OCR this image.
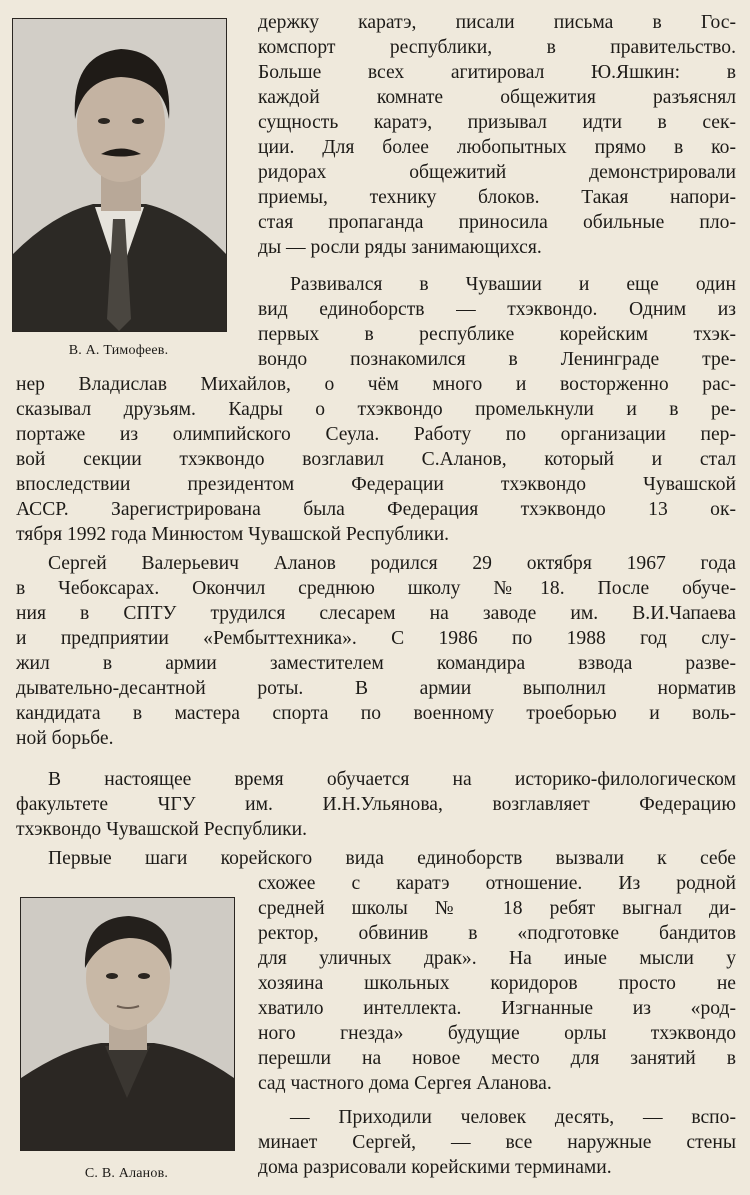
В. А. Тимофеев.
С. В. Аланов.
держку каратэ, писали письма в Гос-
комспорт республики, в правительство.
Больше всех агитировал Ю.Яшкин: в
каждой комнате общежития разъяснял
сущность каратэ, призывал идти в сек-
ции. Для более любопытных прямо в ко-
ридорах общежитий демонстрировали
приемы, технику блоков. Такая напори-
стая пропаганда приносила обильные пло-
ды — росли ряды занимающихся.
Развивался в Чувашии и еще один
вид единоборств — тхэквондо. Одним из
первых в республике корейским тхэк-
вондо познакомился в Ленинграде тре-
нер Владислав Михайлов, о чём много и восторженно рас-
сказывал друзьям. Кадры о тхэквондо промелькнули и в ре-
портаже из олимпийского Сеула. Работу по организации пер-
вой секции тхэквондо возглавил С.Аланов, который и стал
впоследствии президентом Федерации тхэквондо Чувашской
АССР. Зарегистрирована была Федерация тхэквондо 13 ок-
тября 1992 года Минюстом Чувашской Республики.
Сергей Валерьевич Аланов родился 29 октября 1967 года
в Чебоксарах. Окончил среднюю школу №18. После обуче-
ния в СПТУ трудился слесарем на заводе им. В.И.Чапаева
и предприятии «Рембыттехника». С 1986 по 1988 год слу-
жил в армии заместителем командира взвода разве-
дывательно-десантной роты. В армии выполнил норматив
кандидата в мастера спорта по военному троеборью и воль-
ной борьбе.
В настоящее время обучается на историко-филологическом
факультете ЧГУ им. И.Н.Ульянова, возглавляет Федерацию
тхэквондо Чувашской Республики.
Первые шаги корейского вида единоборств вызвали к себе
схожее с каратэ отношение. Из родной
средней школы № 18 ребят выгнал ди-
ректор, обвинив в «подготовке бандитов
для уличных драк». На иные мысли у
хозяина школьных коридоров просто не
хватило интеллекта. Изгнанные из «род-
ного гнезда» будущие орлы тхэквондо
перешли на новое место для занятий в
сад частного дома Сергея Аланова.
— Приходили человек десять, — вспо-
минает Сергей, — все наружные стены
дома разрисовали корейскими терминами.
